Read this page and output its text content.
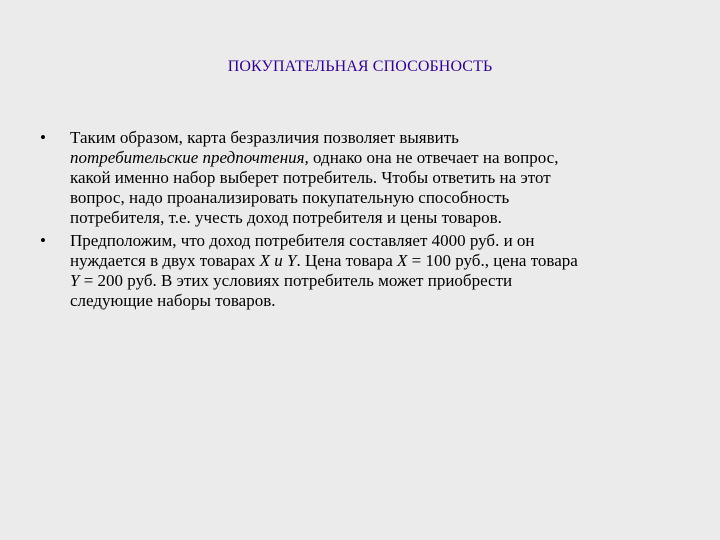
ПОКУПАТЕЛЬНАЯ СПОСОБНОСТЬ
• Таким образом, карта безразличия позволяет выявить
потребительские предпочтения, однако она не отвечает на вопрос,
какой именно набор выберет потребитель. Чтобы ответить на этот
вопрос, надо проанализировать покупательную способность
потребителя, т.е. учесть доход потребителя и цены товаров.
• Предположим, что доход потребителя составляет 4000 руб. и он
нуждается в двух товарах X и Y. Цена товара X = 100 руб., цена товара
Y = 200 руб. В этих условиях потребитель может приобрести
следующие наборы товаров.
